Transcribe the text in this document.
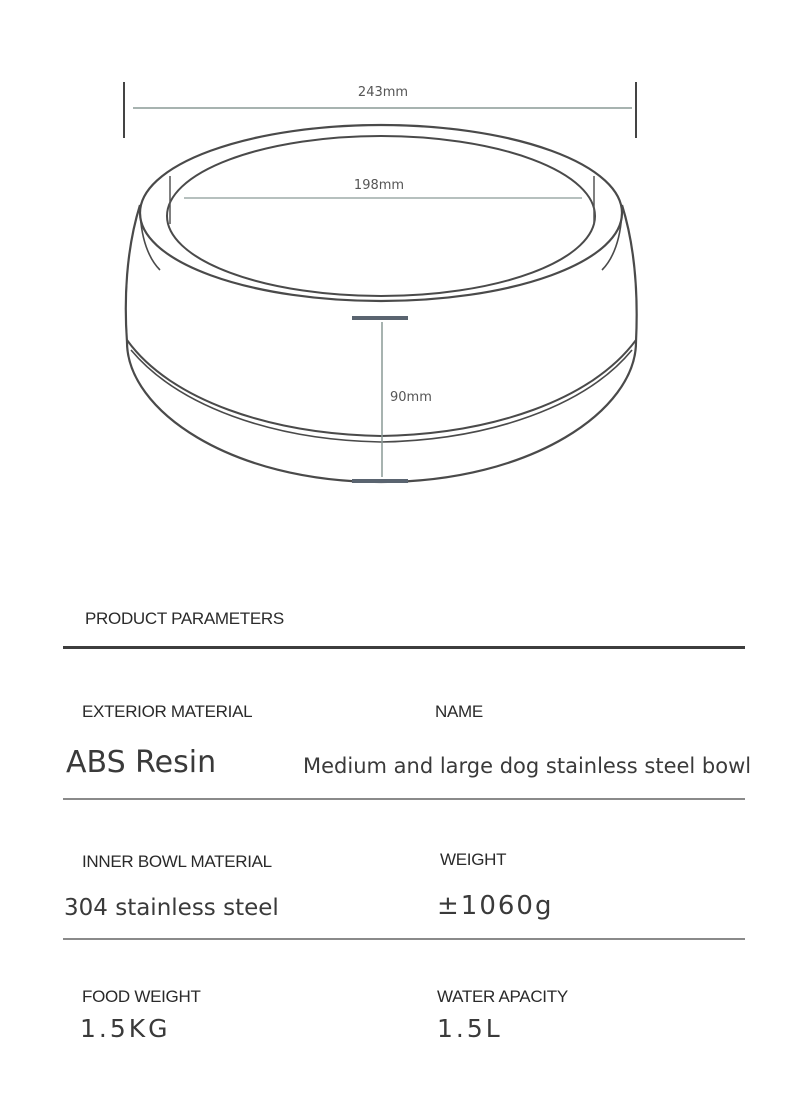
243mm
198mm
90mm
PRODUCT PARAMETERS
EXTERIOR MATERIAL	NAME
ABS Resin	Medium and large dog stainless steel bowl
INNER BOWL MATERIAL	WEIGHT
304 stainless steel	±1060g
FOOD WEIGHT	WATER APACITY
1.5KG	1.5L
